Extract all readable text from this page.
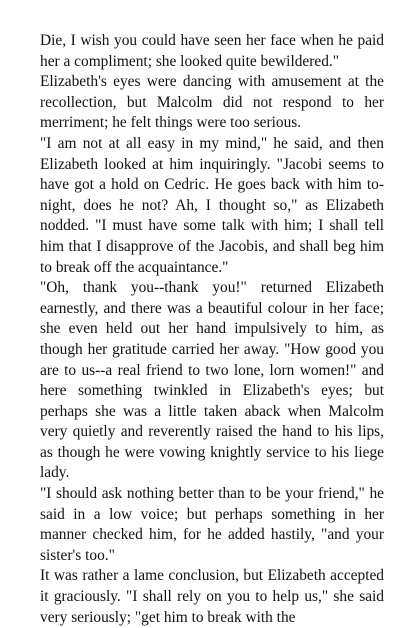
Die, I wish you could have seen her face when he paid her a compliment; she looked quite bewildered."

Elizabeth's eyes were dancing with amusement at the recollection, but Malcolm did not respond to her merriment; he felt things were too serious.

"I am not at all easy in my mind," he said, and then Elizabeth looked at him inquiringly. "Jacobi seems to have got a hold on Cedric. He goes back with him to-night, does he not? Ah, I thought so," as Elizabeth nodded. "I must have some talk with him; I shall tell him that I disapprove of the Jacobis, and shall beg him to break off the acquaintance."

"Oh, thank you--thank you!" returned Elizabeth earnestly, and there was a beautiful colour in her face; she even held out her hand impulsively to him, as though her gratitude carried her away. "How good you are to us--a real friend to two lone, lorn women!" and here something twinkled in Elizabeth's eyes; but perhaps she was a little taken aback when Malcolm very quietly and reverently raised the hand to his lips, as though he were vowing knightly service to his liege lady.

"I should ask nothing better than to be your friend," he said in a low voice; but perhaps something in her manner checked him, for he added hastily, "and your sister's too."

It was rather a lame conclusion, but Elizabeth accepted it graciously. "I shall rely on you to help us," she said very seriously; "get him to break with the
